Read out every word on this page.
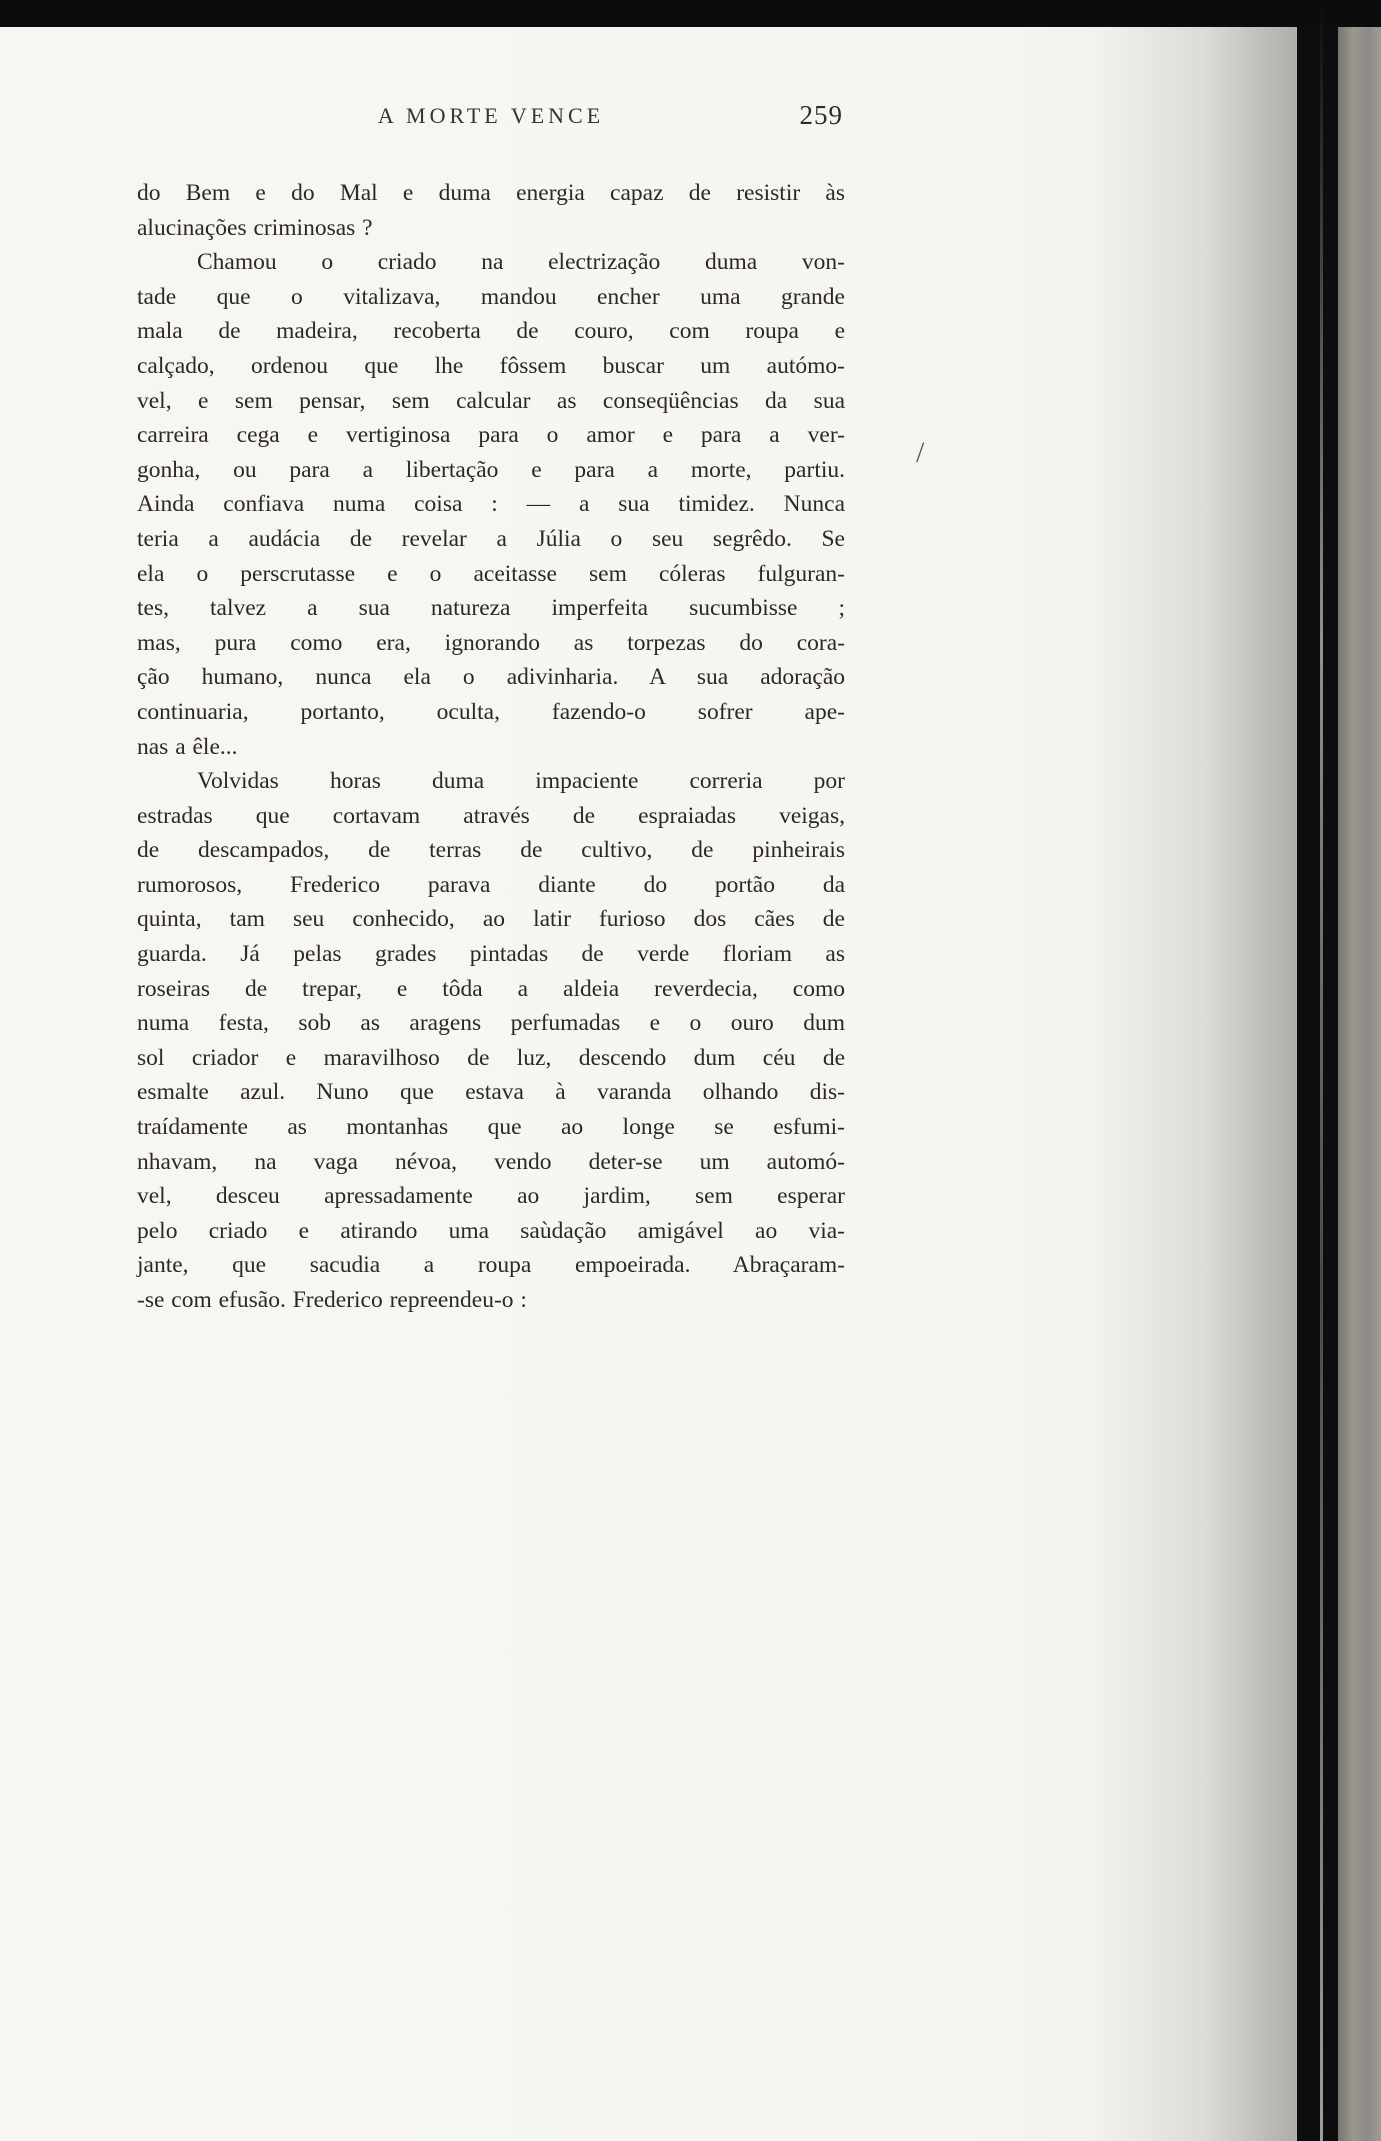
A MORTE VENCE	259
/
do Bem e do Mal e duma energia capaz de resistir às
alucinações criminosas ?
Chamou o criado na electrização duma von-
tade que o vitalizava, mandou encher uma grande
mala de madeira, recoberta de couro, com roupa e
calçado, ordenou que lhe fôssem buscar um autómo-
vel, e sem pensar, sem calcular as conseqüências da sua
carreira cega e vertiginosa para o amor e para a ver-
gonha, ou para a libertação e para a morte, partiu.
Ainda confiava numa coisa : — a sua timidez. Nunca
teria a audácia de revelar a Júlia o seu segrêdo. Se
ela o perscrutasse e o aceitasse sem cóleras fulguran-
tes, talvez a sua natureza imperfeita sucumbisse ;
mas, pura como era, ignorando as torpezas do cora-
ção humano, nunca ela o adivinharia. A sua adoração
continuaria, portanto, oculta, fazendo-o sofrer ape-
nas a êle...
Volvidas horas duma impaciente correria por
estradas que cortavam através de espraiadas veigas,
de descampados, de terras de cultivo, de pinheirais
rumorosos, Frederico parava diante do portão da
quinta, tam seu conhecido, ao latir furioso dos cães de
guarda. Já pelas grades pintadas de verde floriam as
roseiras de trepar, e tôda a aldeia reverdecia, como
numa festa, sob as aragens perfumadas e o ouro dum
sol criador e maravilhoso de luz, descendo dum céu de
esmalte azul. Nuno que estava à varanda olhando dis-
traídamente as montanhas que ao longe se esfumi-
nhavam, na vaga névoa, vendo deter-se um automó-
vel, desceu apressadamente ao jardim, sem esperar
pelo criado e atirando uma saùdação amigável ao via-
jante, que sacudia a roupa empoeirada. Abraçaram-
-se com efusão. Frederico repreendeu-o :
